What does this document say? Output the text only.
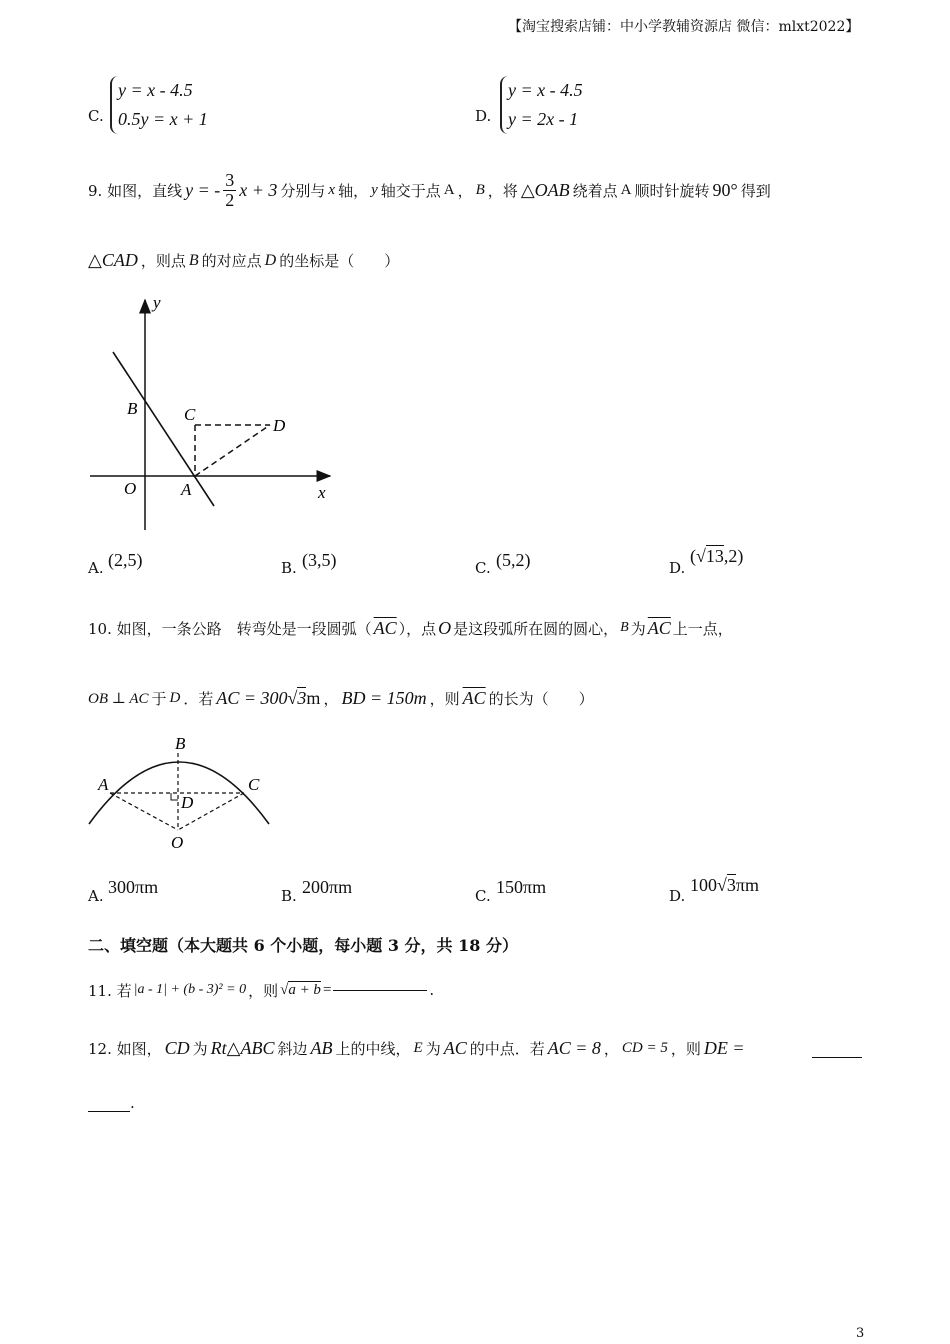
【淘宝搜索店铺：中小学教辅资源店 微信：mlxt2022】
C.
y = x - 4.5
0.5y = x + 1	D.
y = x - 4.5
y = 2x - 1
9. 如图，直线 y = - $\frac{3}{2}$ x + 3 分别与 x 轴， y 轴交于点 A ， B ，将 △OAB 绕着点 A 顺时针旋转 90° 得到
△CAD ，则点 B 的对应点 D 的坐标是（　　）
y
x
B	C
D
O	A
A. (2,5)	B. (3,5)	C. (5,2)	D.
(√13,2)
10. 如图，一条公路　转弯处是一段圆弧（ $\overline{AC}$ ），点 O 是这段弧所在圆的圆心， B 为 $\overline{AC}$ 上一点，
OB ⊥ AC 于 D ．若 AC = 300√3m ， BD = 150m ，则 $\overline{AC}$ 的长为（　　）
B
A	C
D
O
A. 300πm	B. 200πm	C. 150πm	D.
100√3πm
二、填空题（本大题共 6 个小题，每小题 3 分，共 18 分）
11. 若 |a - 1| + (b - 3)² = 0 ，则 √a + b =	.
12. 如图， CD 为 Rt△ABC 斜边 AB 上的中线， E 为 AC 的中点．若 AC = 8 ， CD = 5 ，则 DE =
.
3
